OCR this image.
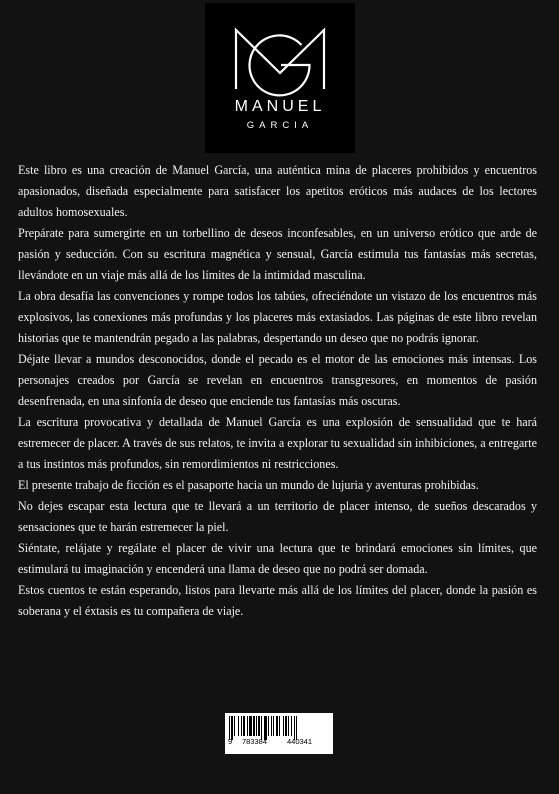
MANUEL
GARCIA

Este libro es una creación de Manuel García, una auténtica mina de placeres prohibidos y encuentros apasionados, diseñada especialmente para satisfacer los apetitos eróticos más audaces de los lectores adultos homosexuales.

Prepárate para sumergirte en un torbellino de deseos inconfesables, en un universo erótico que arde de pasión y seducción. Con su escritura magnética y sensual, García estimula tus fantasías más secretas, llevándote en un viaje más allá de los límites de la intimidad masculina.

La obra desafía las convenciones y rompe todos los tabúes, ofreciéndote un vistazo de los encuentros más explosivos, las conexiones más profundas y los placeres más extasiados. Las páginas de este libro revelan historias que te mantendrán pegado a las palabras, despertando un deseo que no podrás ignorar.

Déjate llevar a mundos desconocidos, donde el pecado es el motor de las emociones más intensas. Los personajes creados por García se revelan en encuentros transgresores, en momentos de pasión desenfrenada, en una sinfonía de deseo que enciende tus fantasías más oscuras.

La escritura provocativa y detallada de Manuel García es una explosión de sensualidad que te hará estremecer de placer. A través de sus relatos, te invita a explorar tu sexualidad sin inhibiciones, a entregarte a tus instintos más profundos, sin remordimientos ni restricciones.

El presente trabajo de ficción es el pasaporte hacia un mundo de lujuria y aventuras prohibidas.

No dejes escapar esta lectura que te llevará a un territorio de placer intenso, de sueños descarados y sensaciones que te harán estremecer la piel.

Siéntate, relájate y regálate el placer de vivir una lectura que te brindará emociones sin límites, que estimulará tu imaginación y encenderá una llama de deseo que no podrá ser domada.

Estos cuentos te están esperando, listos para llevarte más allá de los límites del placer, donde la pasión es soberana y el éxtasis es tu compañera de viaje.

9 783384	440341
